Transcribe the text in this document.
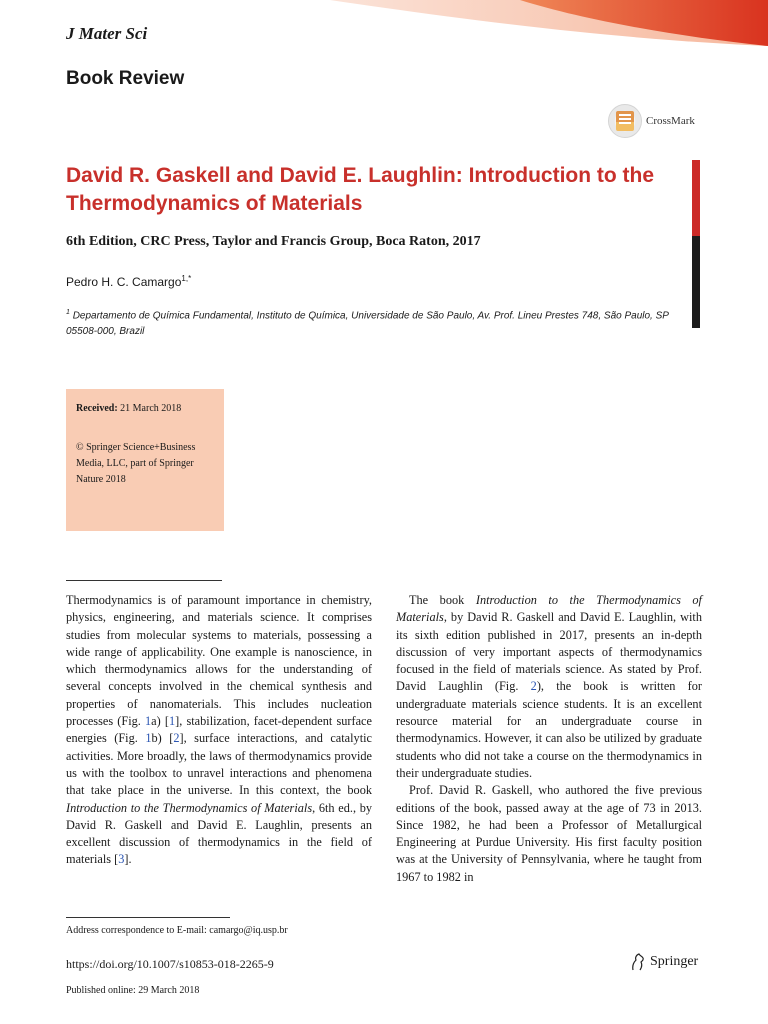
J Mater Sci
Book Review
CrossMark
David R. Gaskell and David E. Laughlin: Introduction to the Thermodynamics of Materials
6th Edition, CRC Press, Taylor and Francis Group, Boca Raton, 2017
Pedro H. C. Camargo$^{1,*}$
$^1$ Departamento de Química Fundamental, Instituto de Química, Universidade de São Paulo, Av. Prof. Lineu Prestes 748, São Paulo, SP 05508-000, Brazil

Received: 21 March 2018

© Springer Science+Business Media, LLC, part of Springer Nature 2018

Thermodynamics is of paramount importance in chemistry, physics, engineering, and materials science. It comprises studies from molecular systems to materials, possessing a wide range of applicability. One example is nanoscience, in which thermodynamics allows for the understanding of several concepts involved in the chemical synthesis and properties of nanomaterials. This includes nucleation processes (Fig. 1a) [1], stabilization, facet-dependent surface energies (Fig. 1b) [2], surface interactions, and catalytic activities. More broadly, the laws of thermodynamics provide us with the toolbox to unravel interactions and phenomena that take place in the universe. In this context, the book Introduction to the Thermodynamics of Materials, 6th ed., by David R. Gaskell and David E. Laughlin, presents an excellent discussion of thermodynamics in the field of materials [3].

The book Introduction to the Thermodynamics of Materials, by David R. Gaskell and David E. Laughlin, with its sixth edition published in 2017, presents an in-depth discussion of very important aspects of thermodynamics focused in the field of materials science. As stated by Prof. David Laughlin (Fig. 2), the book is written for undergraduate materials science students. It is an excellent resource material for an undergraduate course in thermodynamics. However, it can also be utilized by graduate students who did not take a course on the thermodynamics in their undergraduate studies.

Prof. David R. Gaskell, who authored the five previous editions of the book, passed away at the age of 73 in 2013. Since 1982, he had been a Professor of Metallurgical Engineering at Purdue University. His first faculty position was at the University of Pennsylvania, where he taught from 1967 to 1982 in

Address correspondence to E-mail: camargo@iq.usp.br
https://doi.org/10.1007/s10853-018-2265-9
Published online: 29 March 2018
Springer
